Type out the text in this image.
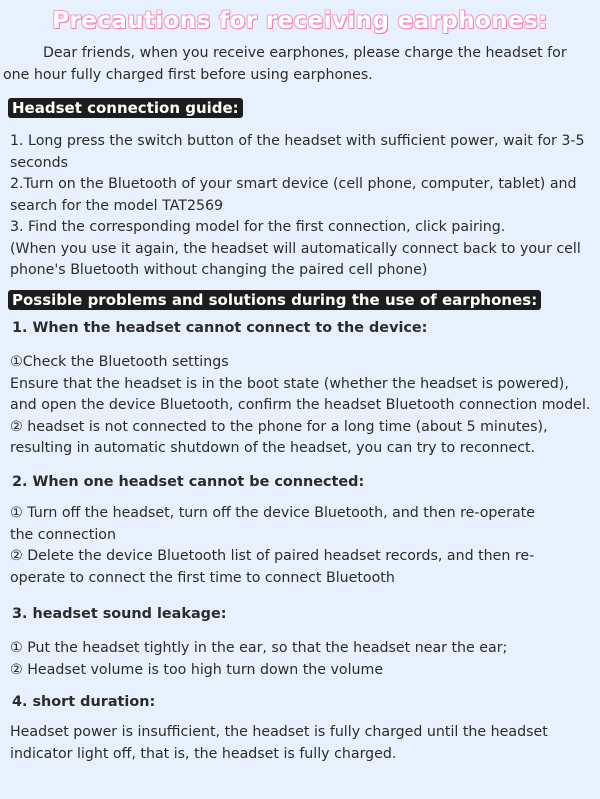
Precautions for receiving earphones:
Dear friends, when you receive earphones, please charge the headset for
one hour fully charged first before using earphones.
Headset connection guide:
1. Long press the switch button of the headset with sufficient power, wait for 3-5
seconds
2.Turn on the Bluetooth of your smart device (cell phone, computer, tablet) and
search for the model TAT2569
3. Find the corresponding model for the first connection, click pairing.
(When you use it again, the headset will automatically connect back to your cell
phone's Bluetooth without changing the paired cell phone)
Possible problems and solutions during the use of earphones:
1. When the headset cannot connect to the device:
①Check the Bluetooth settings
Ensure that the headset is in the boot state (whether the headset is powered),
and open the device Bluetooth, confirm the headset Bluetooth connection model.
② headset is not connected to the phone for a long time (about 5 minutes),
resulting in automatic shutdown of the headset, you can try to reconnect.
2. When one headset cannot be connected:
① Turn off the headset, turn off the device Bluetooth, and then re-operate
the connection
② Delete the device Bluetooth list of paired headset records, and then re-
operate to connect the first time to connect Bluetooth
3. headset sound leakage:
① Put the headset tightly in the ear, so that the headset near the ear;
② Headset volume is too high turn down the volume
4. short duration:
Headset power is insufficient, the headset is fully charged until the headset
indicator light off, that is, the headset is fully charged.
